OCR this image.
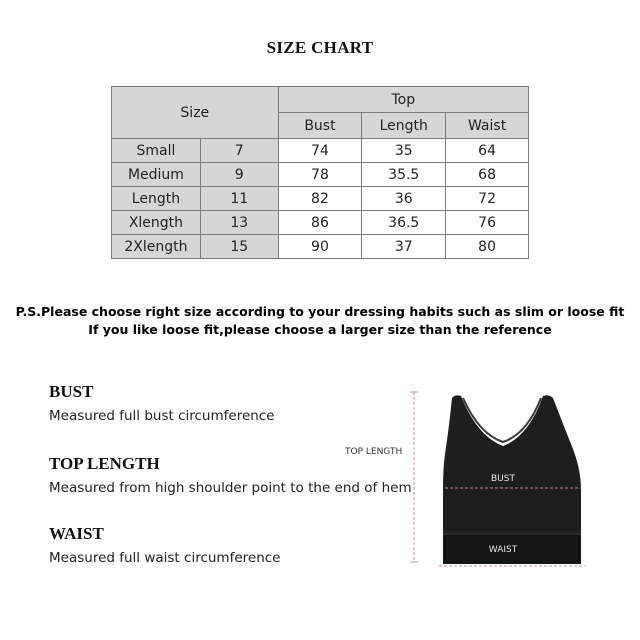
SIZE CHART
Size		Top		
		Bust	Length	Waist
Small	7	74	35	64
Medium	9	78	35.5	68
Length	11	82	36	72
Xlength	13	86	36.5	76
2Xlength	15	90	37	80
P.S.Please choose right size according to your dressing habits such as slim or loose fit
If you like loose fit,please choose a larger size than the reference
BUST
Measured full bust circumference
TOP LENGTH
Measured from high shoulder point to the end of hem
WAIST
Measured full waist circumference
TOP LENGTH
BUST
WAIST
